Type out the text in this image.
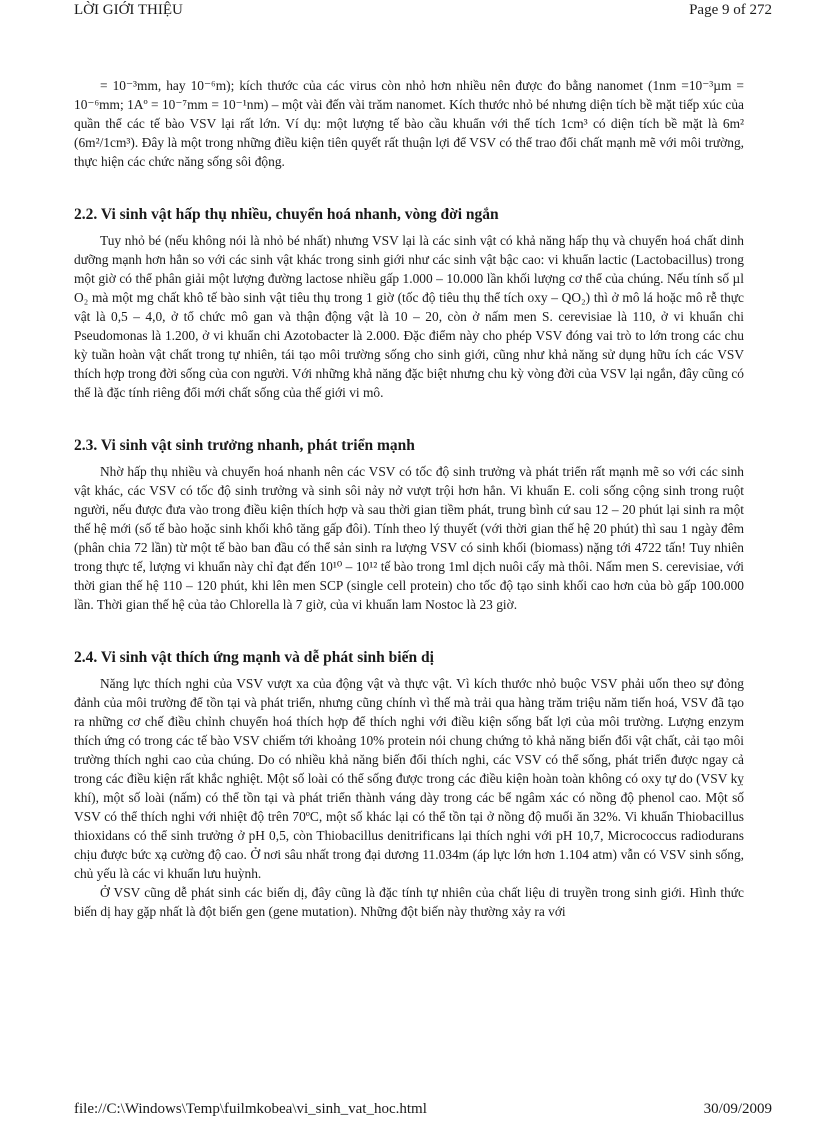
LỜI GIỚI THIỆU	Page 9 of 272

= 10⁻³mm, hay 10⁻⁶m); kích thước của các virus còn nhỏ hơn nhiều nên được đo bằng nanomet (1nm =10⁻³µm = 10⁻⁶mm; 1Aº = 10⁻⁷mm = 10⁻¹nm) – một vài đến vài trăm nanomet. Kích thước nhỏ bé nhưng diện tích bề mặt tiếp xúc của quần thể các tế bào VSV lại rất lớn. Ví dụ: một lượng tế bào cầu khuẩn với thể tích 1cm³ có diện tích bề mặt là 6m² (6m²/1cm³). Đây là một trong những điều kiện tiên quyết rất thuận lợi để VSV có thể trao đổi chất mạnh mẽ với môi trường, thực hiện các chức năng sống sôi động.

2.2. Vi sinh vật hấp thụ nhiều, chuyển hoá nhanh, vòng đời ngắn

Tuy nhỏ bé (nếu không nói là nhỏ bé nhất) nhưng VSV lại là các sinh vật có khả năng hấp thụ và chuyển hoá chất dinh dưỡng mạnh hơn hẳn so với các sinh vật khác trong sinh giới như các sinh vật bậc cao: vi khuẩn lactic (Lactobacillus) trong một giờ có thể phân giải một lượng đường lactose nhiều gấp 1.000 – 10.000 lần khối lượng cơ thể của chúng. Nếu tính số µl O₂ mà một mg chất khô tế bào sinh vật tiêu thụ trong 1 giờ (tốc độ tiêu thụ thể tích oxy – QO₂) thì ở mô lá hoặc mô rễ thực vật là 0,5 – 4,0, ở tổ chức mô gan và thận động vật là 10 – 20, còn ở nấm men S. cerevisiae là 110, ở vi khuẩn chi Pseudomonas là 1.200, ở vi khuẩn chi Azotobacter là 2.000. Đặc điểm này cho phép VSV đóng vai trò to lớn trong các chu kỳ tuần hoàn vật chất trong tự nhiên, tái tạo môi trường sống cho sinh giới, cũng như khả năng sử dụng hữu ích các VSV thích hợp trong đời sống của con người. Với những khả năng đặc biệt nhưng chu kỳ vòng đời của VSV lại ngắn, đây cũng có thể là đặc tính riêng đổi mới chất sống của thế giới vi mô.

2.3. Vi sinh vật sinh trưởng nhanh, phát triển mạnh

Nhờ hấp thụ nhiều và chuyển hoá nhanh nên các VSV có tốc độ sinh trưởng và phát triển rất mạnh mẽ so với các sinh vật khác, các VSV có tốc độ sinh trưởng và sinh sôi nảy nở vượt trội hơn hẳn. Vi khuẩn E. coli sống cộng sinh trong ruột người, nếu được đưa vào trong điều kiện thích hợp và sau thời gian tiềm phát, trung bình cứ sau 12 – 20 phút lại sinh ra một thế hệ mới (số tế bào hoặc sinh khối khô tăng gấp đôi). Tính theo lý thuyết (với thời gian thế hệ 20 phút) thì sau 1 ngày đêm (phân chia 72 lần) từ một tế bào ban đầu có thể sản sinh ra lượng VSV có sinh khối (biomass) nặng tới 4722 tấn! Tuy nhiên trong thực tế, lượng vi khuẩn này chỉ đạt đến 10¹⁰ – 10¹² tế bào trong 1ml dịch nuôi cấy mà thôi. Nấm men S. cerevisiae, với thời gian thế hệ 110 – 120 phút, khi lên men SCP (single cell protein) cho tốc độ tạo sinh khối cao hơn của bò gấp 100.000 lần. Thời gian thế hệ của tảo Chlorella là 7 giờ, của vi khuẩn lam Nostoc là 23 giờ.

2.4. Vi sinh vật thích ứng mạnh và dễ phát sinh biến dị

Năng lực thích nghi của VSV vượt xa của động vật và thực vật. Vì kích thước nhỏ buộc VSV phải uốn theo sự đỏng đảnh của môi trường để tồn tại và phát triển, nhưng cũng chính vì thế mà trải qua hàng trăm triệu năm tiến hoá, VSV đã tạo ra những cơ chế điều chỉnh chuyển hoá thích hợp để thích nghi với điều kiện sống bất lợi của môi trường. Lượng enzym thích ứng có trong các tế bào VSV chiếm tới khoảng 10% protein nói chung chứng tỏ khả năng biến đổi vật chất, cải tạo môi trường thích nghi cao của chúng. Do có nhiều khả năng biến đổi thích nghi, các VSV có thể sống, phát triển được ngay cả trong các điều kiện rất khắc nghiệt. Một số loài có thể sống được trong các điều kiện hoàn toàn không có oxy tự do (VSV kỵ khí), một số loài (nấm) có thể tồn tại và phát triển thành váng dày trong các bể ngâm xác có nồng độ phenol cao. Một số VSV có thể thích nghi với nhiệt độ trên 70ºC, một số khác lại có thể tồn tại ở nồng độ muối ăn 32%. Vi khuẩn Thiobacillus thioxidans có thể sinh trưởng ở pH 0,5, còn Thiobacillus denitrificans lại thích nghi với pH 10,7, Micrococcus radiodurans chịu được bức xạ cường độ cao. Ở nơi sâu nhất trong đại dương 11.034m (áp lực lớn hơn 1.104 atm) vẫn có VSV sinh sống, chủ yếu là các vi khuẩn lưu huỳnh.

Ở VSV cũng dễ phát sinh các biến dị, đây cũng là đặc tính tự nhiên của chất liệu di truyền trong sinh giới. Hình thức biến dị hay gặp nhất là đột biến gen (gene mutation). Những đột biến này thường xảy ra với

file://C:\Windows\Temp\fuilmkobea\vi_sinh_vat_hoc.html	30/09/2009
